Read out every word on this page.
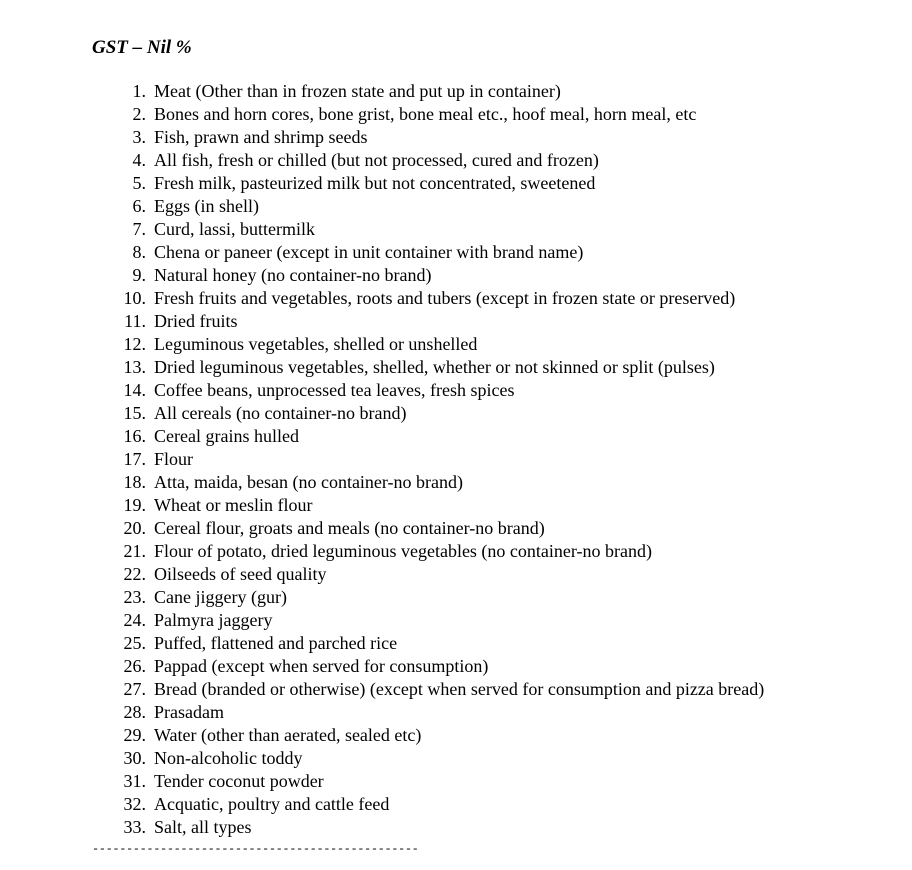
GST – Nil %
1. Meat (Other than in frozen state and put up in container)
2. Bones and horn cores, bone grist, bone meal etc., hoof meal, horn meal, etc
3. Fish, prawn and shrimp seeds
4. All fish, fresh or chilled (but not processed, cured and frozen)
5. Fresh milk, pasteurized milk but not concentrated, sweetened
6. Eggs (in shell)
7. Curd, lassi, buttermilk
8. Chena or paneer (except in unit container with brand name)
9. Natural honey (no container-no brand)
10. Fresh fruits and vegetables, roots and tubers (except in frozen state or preserved)
11. Dried fruits
12. Leguminous vegetables, shelled or unshelled
13. Dried leguminous vegetables, shelled, whether or not skinned or split (pulses)
14. Coffee beans, unprocessed tea leaves, fresh spices
15. All cereals (no container-no brand)
16. Cereal grains hulled
17. Flour
18. Atta, maida, besan (no container-no brand)
19. Wheat or meslin flour
20. Cereal flour, groats and meals (no container-no brand)
21. Flour of potato, dried leguminous vegetables (no container-no brand)
22. Oilseeds of seed quality
23. Cane jiggery (gur)
24. Palmyra jaggery
25. Puffed, flattened and parched rice
26. Pappad (except when served for consumption)
27. Bread (branded or otherwise) (except when served for consumption and pizza bread)
28. Prasadam
29. Water (other than aerated, sealed etc)
30. Non-alcoholic toddy
31. Tender coconut powder
32. Acquatic, poultry and cattle feed
33. Salt, all types
------------------------------------------------
